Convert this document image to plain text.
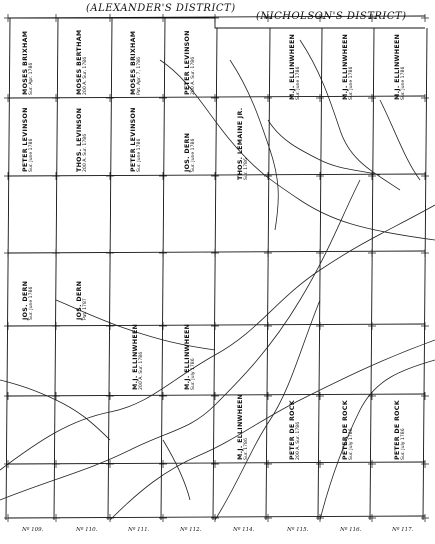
(ALEXANDER'S DISTRICT)
(NICHOLSON'S DISTRICT)
MOSES BRIXHAM Sur. Apr. 1786	MOSES BERTHAM 200 A. Sur. 1786	MOSES BRIXHAM Pat. Apr. 7, 1786	PETER LEVINSON 200 A. Sur. 1786
PETER LEVINSON Sur. June 1786	THOS. LEVINSON 200 A. Sur. 1786	PETER LEVINSON Sur. June 1786	JOS. DERN Sur. June 1786
JOS. DERN Sur. June 1786	JOS. DERN Pat. 1787
M.J. ELLINWHEEN 200 A. Sur. 1786	M.J. ELLINWHEEN Sur. July 1786
M.J. ELLINWHEEN Sur. 1786	PETER DE ROCK 200 A. Sur. 1786	PETER DE ROCK Sur. July 1786	PETER DE ROCK Sur. July 1786
THOS. LEMAINE JR. Sur. 1786
M.J. ELLINWHEEN Sur. June 1786	M.J. ELLINWHEEN Sur. June 1786	M.J. ELLINWHEEN Sur. June 1786
Nº 109.	Nº 110.	Nº 111.	Nº 112.	Nº 114.	Nº 115.	Nº 116.	Nº 117.
